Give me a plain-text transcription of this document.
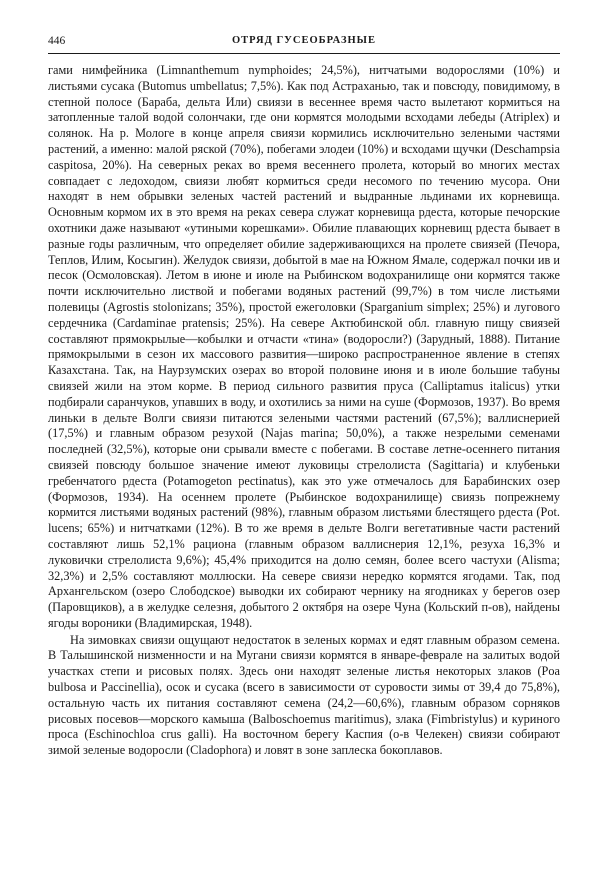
446	ОТРЯД ГУСЕОБРАЗНЫЕ

гами нимфейника (Limnanthemum nymphoides; 24,5%), нитчатыми водорослями (10%) и листьями сусака (Butomus umbellatus; 7,5%). Как под Астраханью, так и повсюду, повидимому, в степной полосе (Бараба, дельта Или) свиязи в весеннее время часто вылетают кормиться на затопленные талой водой солончаки, где они кормятся молодыми всходами лебеды (Atriplex) и солянок. На р. Мологе в конце апреля свиязи кормились исключительно зелеными частями растений, а именно: малой ряской (70%), побегами элодеи (10%) и всходами щучки (Deschampsia caspitosa, 20%). На северных реках во время весеннего пролета, который во многих местах совпадает с ледоходом, свиязи любят кормиться среди несомого по течению мусора. Они находят в нем обрывки зеленых частей растений и выдранные льдинами их корневища. Основным кормом их в это время на реках севера служат корневища рдеста, которые печорские охотники даже называют «утиными корешками». Обилие плавающих корневищ рдеста бывает в разные годы различным, что определяет обилие задерживающихся на пролете свиязей (Печора, Теплов, Илим, Косыгин). Желудок свиязи, добытой в мае на Южном Ямале, содержал почки ив и песок (Осмоловская). Летом в июне и июле на Рыбинском водохранилище они кормятся также почти исключительно листвой и побегами водяных растений (99,7%) в том числе листьями полевицы (Agrostis stolonizans; 35%), простой ежеголовки (Sparganium simplex; 25%) и лугового сердечника (Cardaminae pratensis; 25%). На севере Актюбинской обл. главную пищу свиязей составляют прямокрылые—кобылки и отчасти «тина» (водоросли?) (Зарудный, 1888). Питание прямокрылыми в сезон их массового развития—широко распространенное явление в степях Казахстана. Так, на Наурзумских озерах во второй половине июня и в июле большие табуны свиязей жили на этом корме. В период сильного развития пруса (Calliptamus italicus) утки подбирали саранчуков, упавших в воду, и охотились за ними на суше (Формозов, 1937). Во время линьки в дельте Волги свиязи питаются зелеными частями растений (67,5%); валлиснерией (17,5%) и главным образом резухой (Najas marina; 50,0%), а также незрелыми семенами последней (32,5%), которые они срывали вместе с побегами. В составе летне-осеннего питания свиязей повсюду большое значение имеют луковицы стрелолиста (Sagittaria) и клубеньки гребенчатого рдеста (Potamogeton pectinatus), как это уже отмечалось для Барабинских озер (Формозов, 1934). На осеннем пролете (Рыбинское водохранилище) свиязь попрежнему кормится листьями водяных растений (98%), главным образом листьями блестящего рдеста (Pot. lucens; 65%) и нитчатками (12%). В то же время в дельте Волги вегетативные части растений составляют лишь 52,1% рациона (главным образом валлиснерия 12,1%, резуха 16,3% и луковички стрелолиста 9,6%); 45,4% приходится на долю семян, более всего частухи (Alisma; 32,3%) и 2,5% составляют моллюски. На севере свиязи нередко кормятся ягодами. Так, под Архангельском (озеро Слободское) выводки их собирают чернику на ягодниках у берегов озер (Паровщиков), а в желудке селезня, добытого 2 октября на озере Чуна (Кольский п-ов), найдены ягоды вороники (Владимирская, 1948).

На зимовках свиязи ощущают недостаток в зеленых кормах и едят главным образом семена. В Талышинской низменности и на Мугани свиязи кормятся в январе-феврале на залитых водой участках степи и рисовых полях. Здесь они находят зеленые листья некоторых злаков (Poa bulbosa и Paccinellia), осок и сусака (всего в зависимости от суровости зимы от 39,4 до 75,8%), остальную часть их питания составляют семена (24,2—60,6%), главным образом сорняков рисовых посевов—морского камыша (Balboschoemus maritimus), злака (Fimbristylus) и куриного проса (Eschinochloa crus galli). На восточном берегу Каспия (о-в Челекен) свиязи собирают зимой зеленые водоросли (Cladophora) и ловят в зоне заплеска бокоплавов.
